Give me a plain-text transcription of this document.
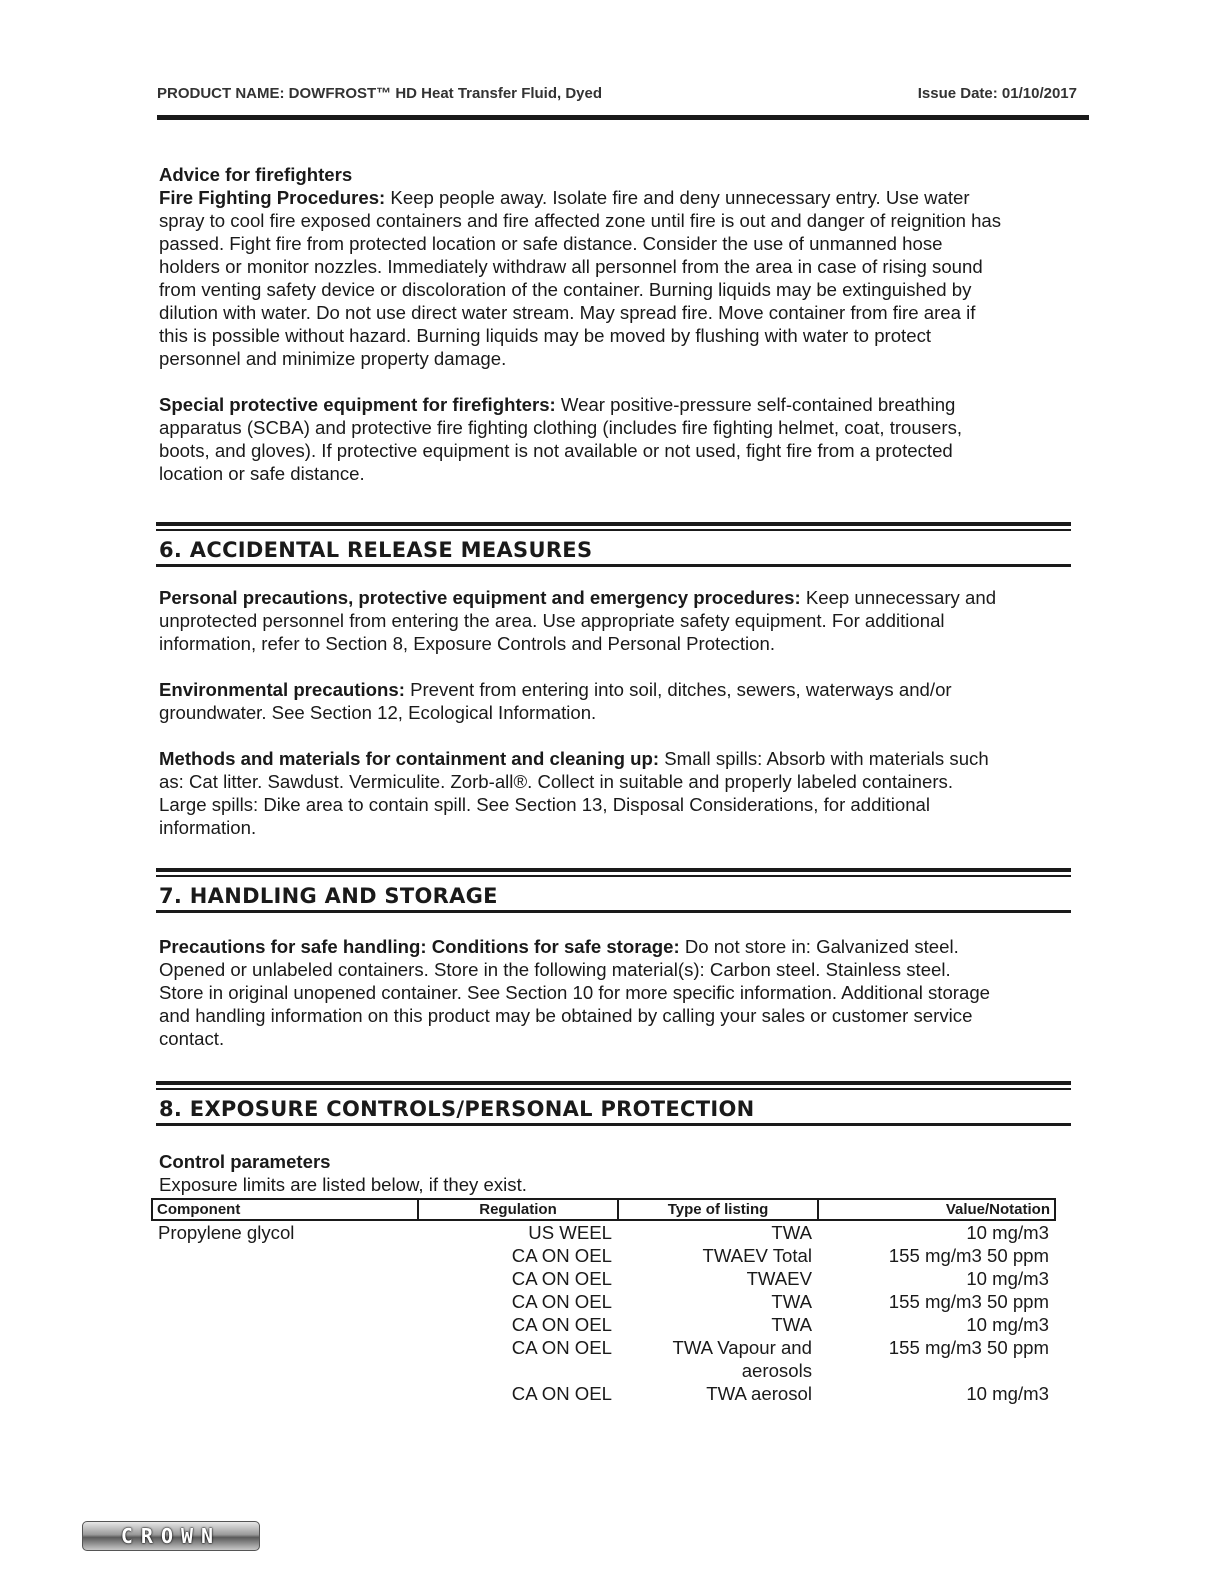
PRODUCT NAME: DOWFROST™ HD Heat Transfer Fluid, Dyed	Issue Date: 01/10/2017

Advice for firefighters

Fire Fighting Procedures: Keep people away. Isolate fire and deny unnecessary entry. Use water

spray to cool fire exposed containers and fire affected zone until fire is out and danger of reignition has

passed. Fight fire from protected location or safe distance. Consider the use of unmanned hose

holders or monitor nozzles. Immediately withdraw all personnel from the area in case of rising sound

from venting safety device or discoloration of the container. Burning liquids may be extinguished by

dilution with water. Do not use direct water stream. May spread fire. Move container from fire area if

this is possible without hazard. Burning liquids may be moved by flushing with water to protect

personnel and minimize property damage.

Special protective equipment for firefighters: Wear positive-pressure self-contained breathing

apparatus (SCBA) and protective fire fighting clothing (includes fire fighting helmet, coat, trousers,

boots, and gloves). If protective equipment is not available or not used, fight fire from a protected

location or safe distance.

6. ACCIDENTAL RELEASE MEASURES

Personal precautions, protective equipment and emergency procedures: Keep unnecessary and

unprotected personnel from entering the area. Use appropriate safety equipment. For additional

information, refer to Section 8, Exposure Controls and Personal Protection.

Environmental precautions: Prevent from entering into soil, ditches, sewers, waterways and/or

groundwater. See Section 12, Ecological Information.

Methods and materials for containment and cleaning up: Small spills: Absorb with materials such

as: Cat litter. Sawdust. Vermiculite. Zorb-all®. Collect in suitable and properly labeled containers.

Large spills: Dike area to contain spill. See Section 13, Disposal Considerations, for additional

information.

7. HANDLING AND STORAGE

Precautions for safe handling: Conditions for safe storage: Do not store in: Galvanized steel.

Opened or unlabeled containers. Store in the following material(s): Carbon steel. Stainless steel.

Store in original unopened container. See Section 10 for more specific information. Additional storage

and handling information on this product may be obtained by calling your sales or customer service

contact.

8. EXPOSURE CONTROLS/PERSONAL PROTECTION

Control parameters

Exposure limits are listed below, if they exist.

Component	Regulation	Type of listing	Value/Notation
Propylene glycol	US WEEL	TWA	10 mg/m3
	CA ON OEL	TWAEV Total	155 mg/m3 50 ppm
	CA ON OEL	TWAEV	10 mg/m3
	CA ON OEL	TWA	155 mg/m3 50 ppm
	CA ON OEL	TWA	10 mg/m3
	CA ON OEL	TWA Vapour and aerosols	155 mg/m3 50 ppm
	CA ON OEL	TWA aerosol	10 mg/m3
CROWN
